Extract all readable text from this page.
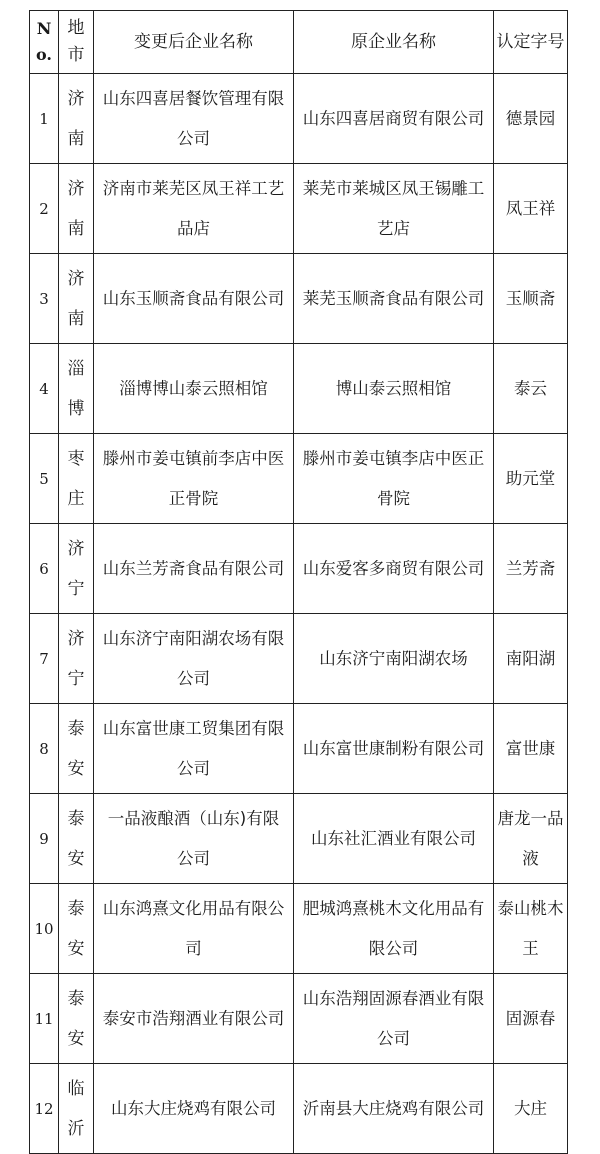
No.	地市	变更后企业名称	原企业名称	认定字号

1	济南	山东四喜居餐饮管理有限公司	山东四喜居商贸有限公司	德景园

2	济南	济南市莱芜区凤王祥工艺品店	莱芜市莱城区凤王锡雕工艺店	凤王祥

3	济南	山东玉顺斋食品有限公司	莱芜玉顺斋食品有限公司	玉顺斋

4	淄博	淄博博山泰云照相馆	博山泰云照相馆	泰云

5	枣庄	滕州市姜屯镇前李店中医正骨院	滕州市姜屯镇李店中医正骨院	助元堂

6	济宁	山东兰芳斋食品有限公司	山东爱客多商贸有限公司	兰芳斋

7	济宁	山东济宁南阳湖农场有限公司	山东济宁南阳湖农场	南阳湖

8	泰安	山东富世康工贸集团有限公司	山东富世康制粉有限公司	富世康

9	泰安	一品液酿酒（山东)有限公司	山东社汇酒业有限公司	唐龙一品液

10	泰安	山东鸿熹文化用品有限公司	肥城鸿熹桃木文化用品有限公司	泰山桃木王

11	泰安	泰安市浩翔酒业有限公司	山东浩翔固源春酒业有限公司	固源春

12	临沂	山东大庄烧鸡有限公司	沂南县大庄烧鸡有限公司	大庄
